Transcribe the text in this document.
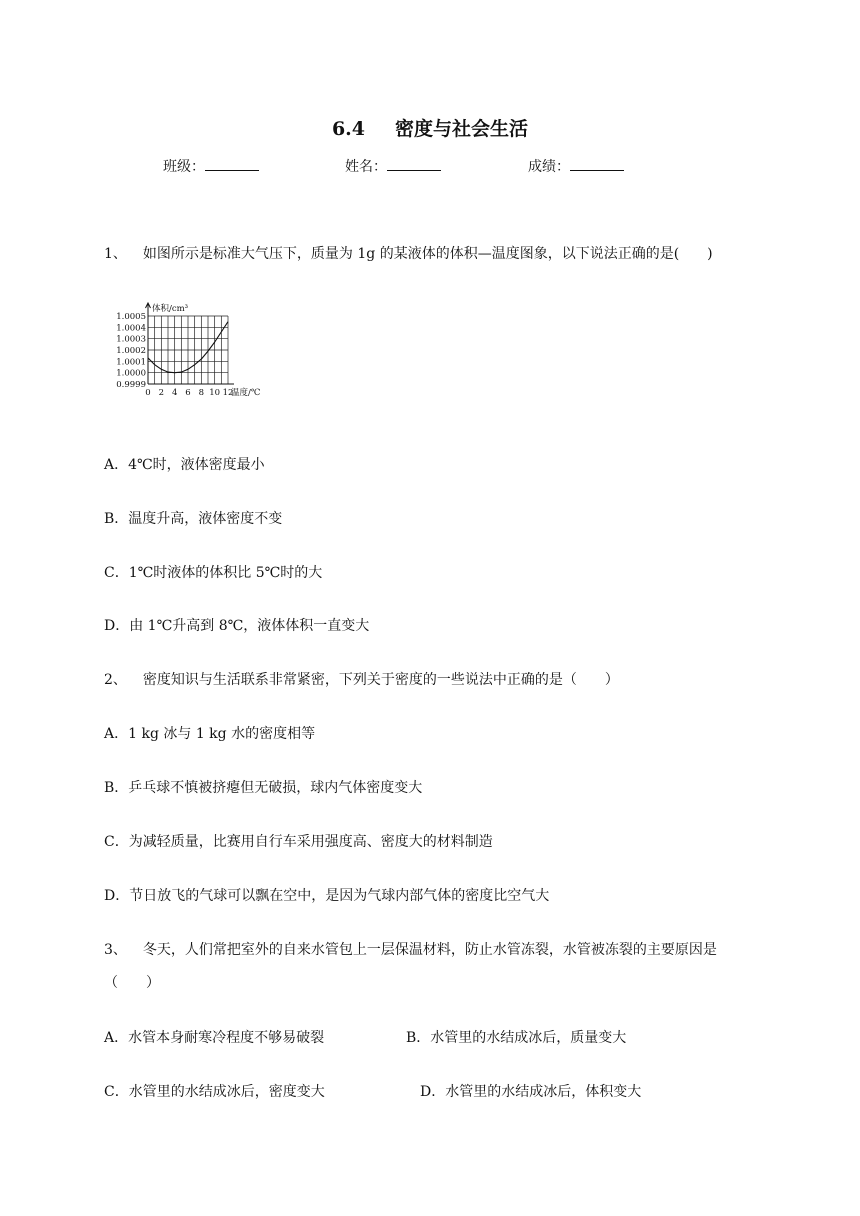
6.4 密度与社会生活
班级：	姓名：	成绩：
1、 如图所示是标准大气压下，质量为 1g 的某液体的体积—温度图象，以下说法正确的是(　　)
0.9999
1.0000
1.0001
1.0002
1.0003
1.0004
1.0005
0 2 4 6 8 10 12
体积/cm³
温度/℃
A．4℃时，液体密度最小
B．温度升高，液体密度不变
C．1℃时液体的体积比 5℃时的大
D．由 1℃升高到 8℃，液体体积一直变大
2、 密度知识与生活联系非常紧密，下列关于密度的一些说法中正确的是（　　）
A．1 kg 冰与 1 kg 水的密度相等
B．乒乓球不慎被挤瘪但无破损，球内气体密度变大
C．为减轻质量，比赛用自行车采用强度高、密度大的材料制造
D．节日放飞的气球可以飘在空中，是因为气球内部气体的密度比空气大
3、 冬天，人们常把室外的自来水管包上一层保温材料，防止水管冻裂，水管被冻裂的主要原因是
（　　）
A．水管本身耐寒冷程度不够易破裂	B．水管里的水结成冰后，质量变大
C．水管里的水结成冰后，密度变大	D．水管里的水结成冰后，体积变大
